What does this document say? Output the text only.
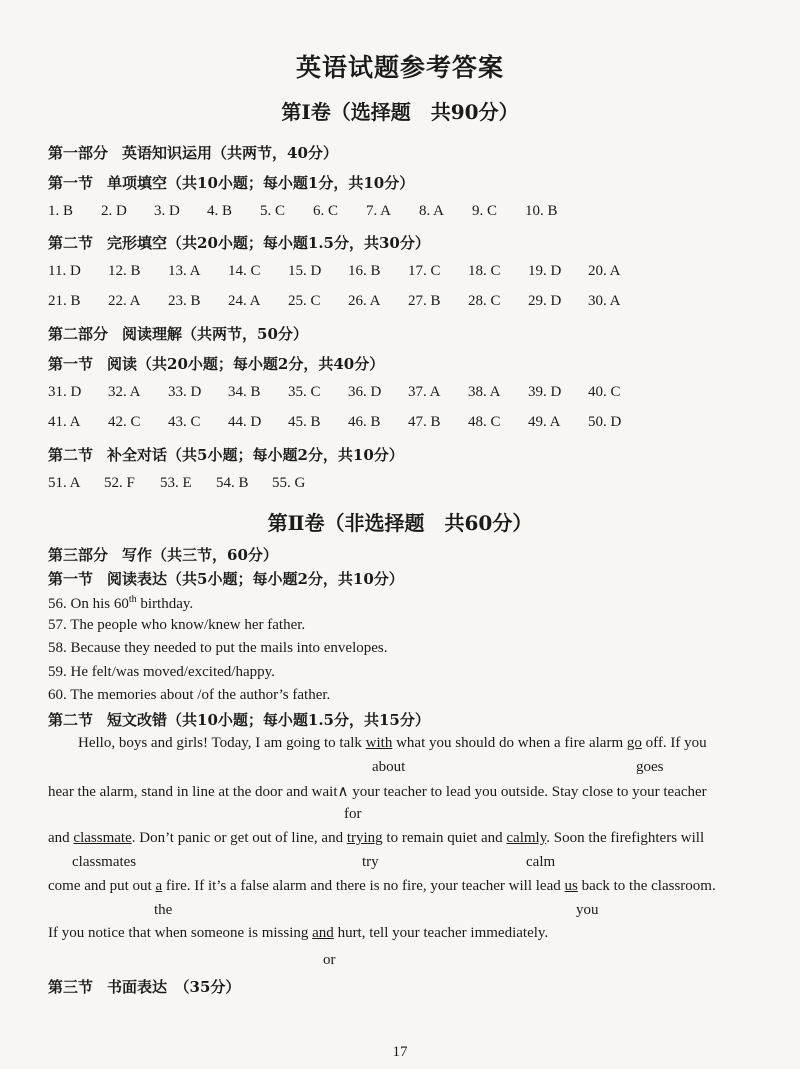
英语试题参考答案
第Ⅰ卷（选择题　共90分）
第一部分 英语知识运用（共两节，40分）
第一节 单项填空（共10小题；每小题1分，共10分）
1. B 2. D 3. D 4. B 5. C 6. C 7. A 8. A 9. C 10. B
第二节 完形填空（共20小题；每小题1.5分，共30分）
11. D 12. B 13. A 14. C 15. D 16. B 17. C 18. C 19. D 20. A
21. B 22. A 23. B 24. A 25. C 26. A 27. B 28. C 29. D 30. A
第二部分 阅读理解（共两节，50分）
第一节 阅读（共20小题；每小题2分，共40分）
31. D 32. A 33. D 34. B 35. C 36. D 37. A 38. A 39. D 40. C
41. A 42. C 43. C 44. D 45. B 46. B 47. B 48. C 49. A 50. D
第二节 补全对话（共5小题；每小题2分，共10分）
51. A 52. F 53. E 54. B 55. G
第Ⅱ卷（非选择题　共60分）
第三部分 写作（共三节，60分）
第一节 阅读表达（共5小题；每小题2分，共10分）
56. On his 60th birthday.
57. The people who know/knew her father.
58. Because they needed to put the mails into envelopes.
59. He felt/was moved/excited/happy.
60. The memories about /of the author’s father.
第二节 短文改错（共10小题；每小题1.5分，共15分）
Hello, boys and girls! Today, I am going to talk with what you should do when a fire alarm go off. If you
about	goes
hear the alarm, stand in line at the door and wait∧ your teacher to lead you outside. Stay close to your teacher
for
and classmate. Don’t panic or get out of line, and trying to remain quiet and calmly. Soon the firefighters will
classmates	try	calm
come and put out a fire. If it’s a false alarm and there is no fire, your teacher will lead us back to the classroom.
the	you
If you notice that when someone is missing and hurt, tell your teacher immediately.
or
第三节 书面表达　（35分）
17
